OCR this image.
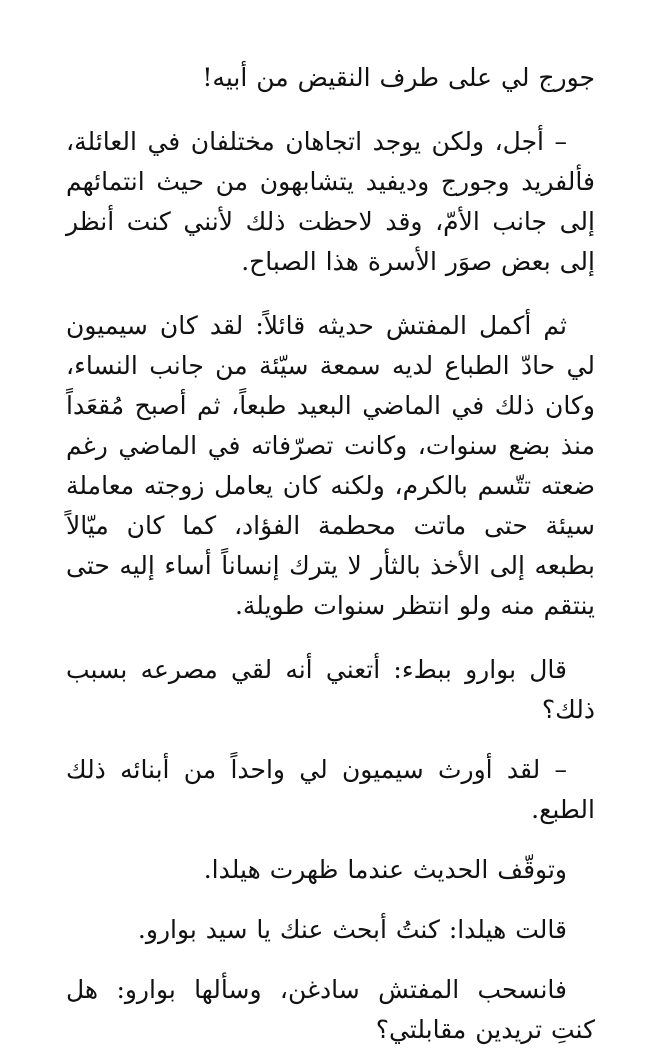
جورج لي على طرف النقيض من أبيه!

– أجل، ولكن يوجد اتجاهان مختلفان في العائلة، فألفريد وجورج وديفيد يتشابهون من حيث انتمائهم إلى جانب الأمّ، وقد لاحظت ذلك لأنني كنت أنظر إلى بعض صوَر الأسرة هذا الصباح.

ثم أكمل المفتش حديثه قائلاً: لقد كان سيميون لي حادّ الطباع لديه سمعة سيّئة من جانب النساء، وكان ذلك في الماضي البعيد طبعاً، ثم أصبح مُقعَداً منذ بضع سنوات، وكانت تصرّفاته في الماضي رغم ضعته تتّسم بالكرم، ولكنه كان يعامل زوجته معاملة سيئة حتى ماتت محطمة الفؤاد، كما كان ميّالاً بطبعه إلى الأخذ بالثأر لا يترك إنساناً أساء إليه حتى ينتقم منه ولو انتظر سنوات طويلة.

قال بوارو ببطء: أتعني أنه لقي مصرعه بسبب ذلك؟

– لقد أورث سيميون لي واحداً من أبنائه ذلك الطبع.

وتوقّف الحديث عندما ظهرت هيلدا.

قالت هيلدا: كنتُ أبحث عنك يا سيد بوارو.

فانسحب المفتش سادغن، وسألها بوارو: هل كنتِ تريدين مقابلتي؟
